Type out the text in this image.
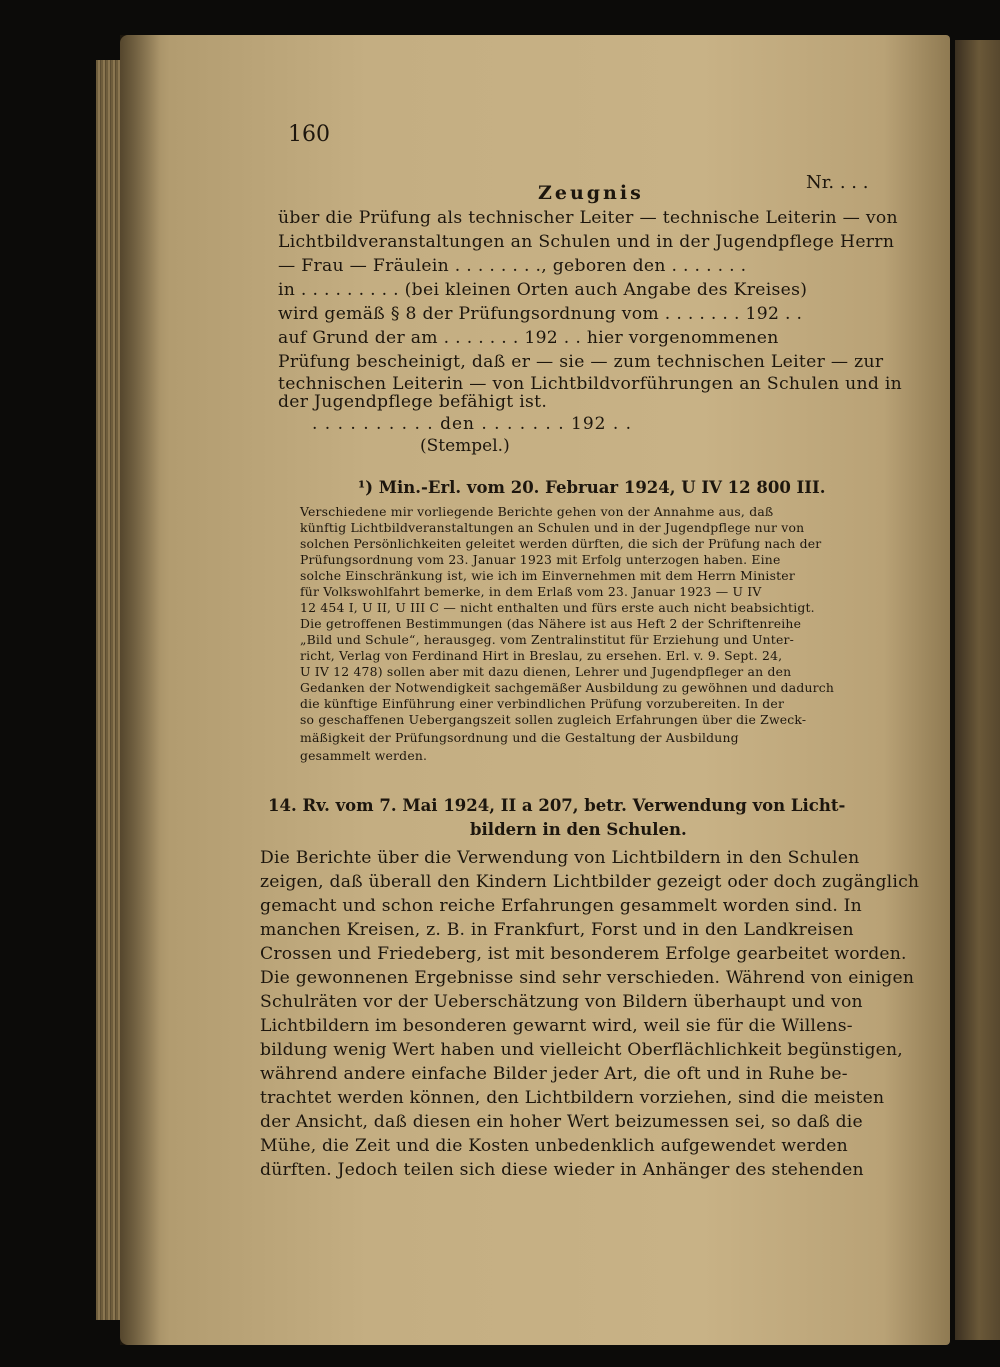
160

Nr. . . .

Zeugnis

über die Prüfung als technischer Leiter — technische Leiterin — von

Lichtbildveranstaltungen an Schulen und in der Jugendpflege Herrn

— Frau — Fräulein . . . . . . . ., geboren den . . . . . . .

in . . . . . . . . . (bei kleinen Orten auch Angabe des Kreises)

wird gemäß § 8 der Prüfungsordnung vom . . . . . . . 192 . .

auf Grund der am . . . . . . . 192 . . hier vorgenommenen

Prüfung bescheinigt, daß er — sie — zum technischen Leiter — zur

technischen Leiterin — von Lichtbildvorführungen an Schulen und in

der Jugendpflege befähigt ist.

. . . . . . . . . . den . . . . . . . 192 . .

(Stempel.)

¹) Min.-Erl. vom 20. Februar 1924, U IV 12 800 III.

Verschiedene mir vorliegende Berichte gehen von der Annahme aus, daß

künftig Lichtbildveranstaltungen an Schulen und in der Jugendpflege nur von

solchen Persönlichkeiten geleitet werden dürften, die sich der Prüfung nach der

Prüfungsordnung vom 23. Januar 1923 mit Erfolg unterzogen haben. Eine

solche Einschränkung ist, wie ich im Einvernehmen mit dem Herrn Minister

für Volkswohlfahrt bemerke, in dem Erlaß vom 23. Januar 1923 — U IV

12 454 I, U II, U III C — nicht enthalten und fürs erste auch nicht beabsichtigt.

Die getroffenen Bestimmungen (das Nähere ist aus Heft 2 der Schriftenreihe

„Bild und Schule“, herausgeg. vom Zentralinstitut für Erziehung und Unter-

richt, Verlag von Ferdinand Hirt in Breslau, zu ersehen. Erl. v. 9. Sept. 24,

U IV 12 478) sollen aber mit dazu dienen, Lehrer und Jugendpfleger an den

Gedanken der Notwendigkeit sachgemäßer Ausbildung zu gewöhnen und dadurch

die künftige Einführung einer verbindlichen Prüfung vorzubereiten. In der

so geschaffenen Uebergangszeit sollen zugleich Erfahrungen über die Zweck-

mäßigkeit der Prüfungsordnung und die Gestaltung der Ausbildung

gesammelt werden.

14. Rv. vom 7. Mai 1924, II a 207, betr. Verwendung von Licht-

bildern in den Schulen.

Die Berichte über die Verwendung von Lichtbildern in den Schulen

zeigen, daß überall den Kindern Lichtbilder gezeigt oder doch zugänglich

gemacht und schon reiche Erfahrungen gesammelt worden sind. In

manchen Kreisen, z. B. in Frankfurt, Forst und in den Landkreisen

Crossen und Friedeberg, ist mit besonderem Erfolge gearbeitet worden.

Die gewonnenen Ergebnisse sind sehr verschieden. Während von einigen

Schulräten vor der Ueberschätzung von Bildern überhaupt und von

Lichtbildern im besonderen gewarnt wird, weil sie für die Willens-

bildung wenig Wert haben und vielleicht Oberflächlichkeit begünstigen,

während andere einfache Bilder jeder Art, die oft und in Ruhe be-

trachtet werden können, den Lichtbildern vorziehen, sind die meisten

der Ansicht, daß diesen ein hoher Wert beizumessen sei, so daß die

Mühe, die Zeit und die Kosten unbedenklich aufgewendet werden

dürften. Jedoch teilen sich diese wieder in Anhänger des stehenden
